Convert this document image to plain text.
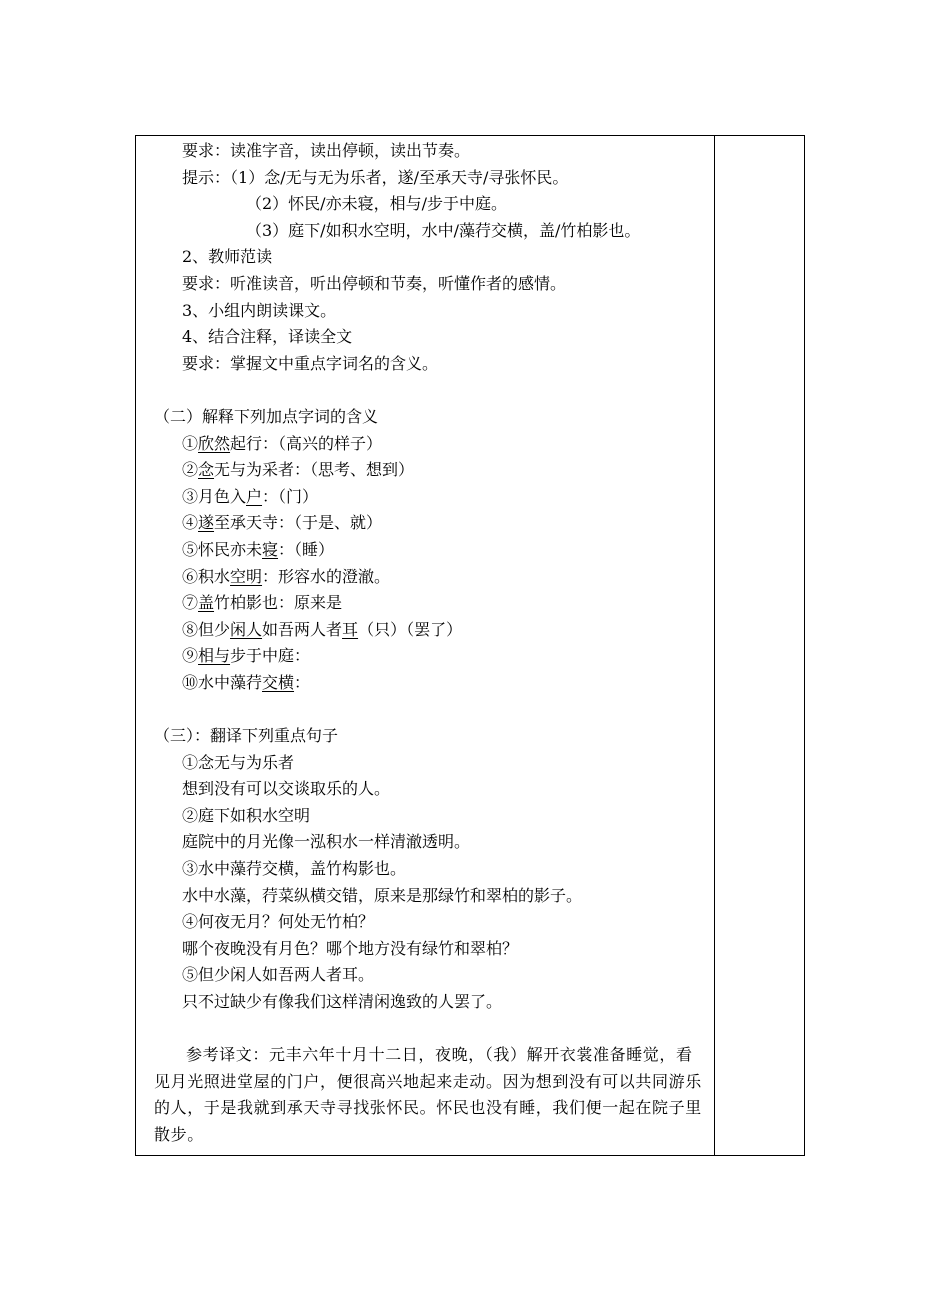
要求：读准字音，读出停顿，读出节奏。
提示：（1）念/无与无为乐者，遂/至承天寺/寻张怀民。
（2）怀民/亦未寝，相与/步于中庭。
（3）庭下/如积水空明，水中/藻荇交横，盖/竹柏影也。
2、教师范读
要求：听准读音，听出停顿和节奏，听懂作者的感情。
3、小组内朗读课文。
4、结合注释，译读全文
要求：掌握文中重点字词名的含义。
（二）解释下列加点字词的含义
①欣然起行：（高兴的样子）
②念无与为采者：（思考、想到）
③月色入户：（门）
④遂至承天寺：（于是、就）
⑤怀民亦未寝：（睡）
⑥积水空明：形容水的澄澈。
⑦盖竹柏影也：原来是
⑧但少闲人如吾两人者耳（只）（罢了）
⑨相与步于中庭：
⑩水中藻荇交横：
（三）：翻译下列重点句子
①念无与为乐者
想到没有可以交谈取乐的人。
②庭下如积水空明
庭院中的月光像一泓积水一样清澈透明。
③水中藻荇交横，盖竹构影也。
水中水藻，荇菜纵横交错，原来是那绿竹和翠柏的影子。
④何夜无月？何处无竹柏？
哪个夜晚没有月色？哪个地方没有绿竹和翠柏？
⑤但少闲人如吾两人者耳。
只不过缺少有像我们这样清闲逸致的人罢了。
参考译文：元丰六年十月十二日，夜晚，（我）解开衣裳准备睡觉，看见月光照进堂屋的门户，便很高兴地起来走动。因为想到没有可以共同游乐的人，于是我就到承天寺寻找张怀民。怀民也没有睡，我们便一起在院子里散步。
